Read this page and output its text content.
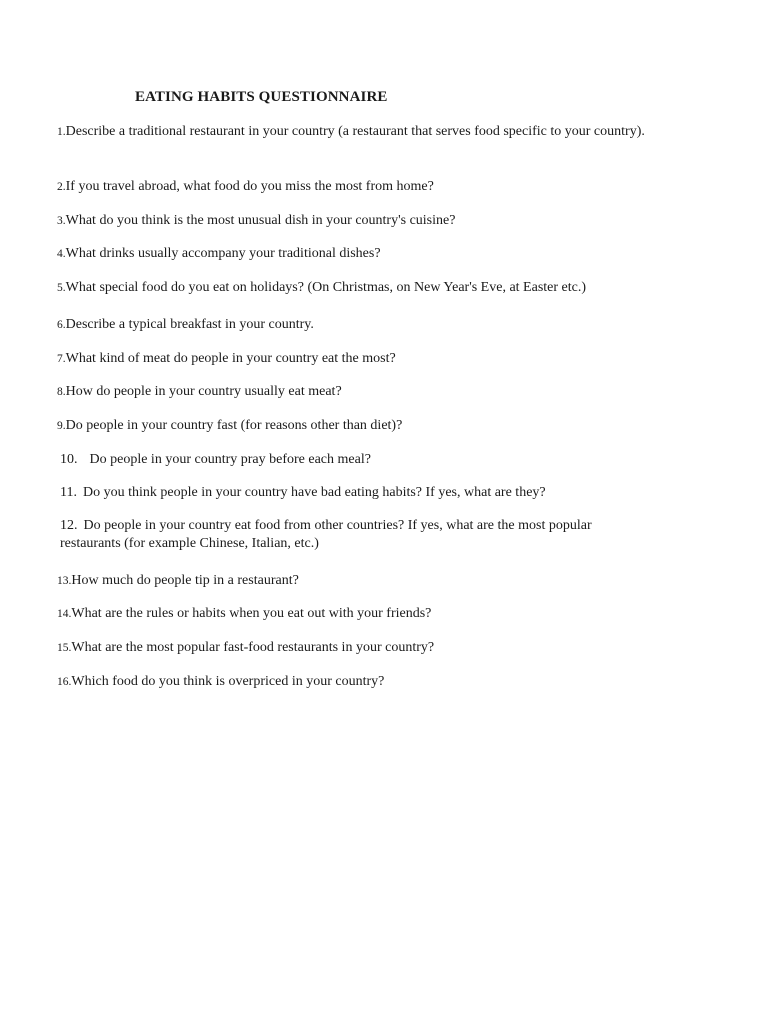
EATING HABITS QUESTIONNAIRE
1.Describe a traditional restaurant in your country (a restaurant that serves food specific to your country).
2.If you travel abroad, what food do you miss the most from home?
3.What do you think is the most unusual dish in your country's cuisine?
4.What drinks usually accompany your traditional dishes?
5.What special food do you eat on holidays? (On Christmas, on New Year's Eve, at Easter etc.)
6.Describe a typical breakfast in your country.
7.What kind of meat do people in your country eat the most?
8.How do people in your country usually eat meat?
9.Do people in your country fast (for reasons other than diet)?
10. Do people in your country pray before each meal?
11. Do you think people in your country have bad eating habits? If yes, what are they?
12. Do people in your country eat food from other countries? If yes, what are the most popular restaurants (for example Chinese, Italian, etc.)
13.How much do people tip in a restaurant?
14.What are the rules or habits when you eat out with your friends?
15.What are the most popular fast-food restaurants in your country?
16.Which food do you think is overpriced in your country?
